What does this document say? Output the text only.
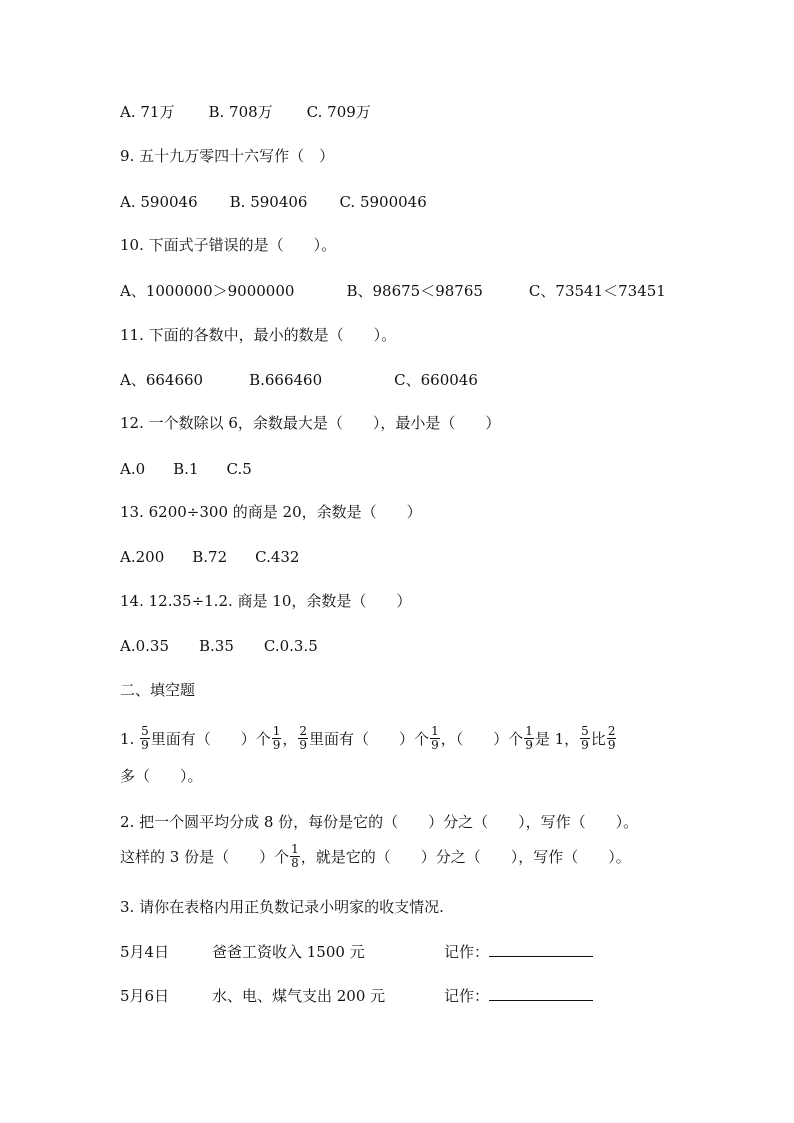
A. 71万 B. 708万 C. 709万
9. 五十九万零四十六写作（　）
A. 590046 B. 590406 C. 5900046
10. 下面式子错误的是（　　）。
A、1000000＞9000000	B、98675＜98765	C、73541＜73451
11. 下面的各数中，最小的数是（　　）。
A、664660	B.666460	C、660046
12. 一个数除以 6，余数最大是（　　），最小是（　　）
A.0 B.1 C.5
13. 6200÷300 的商是 20，余数是（　　）
A.200 B.72 C.432
14. 12.35÷1.2. 商是 10，余数是（　　）
A.0.35 B.35 C.0.3.5
二、填空题
1. $\frac{5}{9}$ 里面有（　　）个 $\frac{1}{9}$ ， $\frac{2}{9}$ 里面有（　　）个 $\frac{1}{9}$ ，（　　）个 $\frac{1}{9}$ 是 1， $\frac{5}{9}$ 比 $\frac{2}{9}$
多（　　）。
2. 把一个圆平均分成 8 份，每份是它的（　　）分之（　　），写作（　　）。
这样的 3 份是（　　）个 $\frac{1}{8}$ ，就是它的（　　）分之（　　），写作（　　）。
3. 请你在表格内用正负数记录小明家的收支情况.
5月4日	爸爸工资收入 1500 元	记作：
5月6日	水、电、煤气支出 200 元	记作：
